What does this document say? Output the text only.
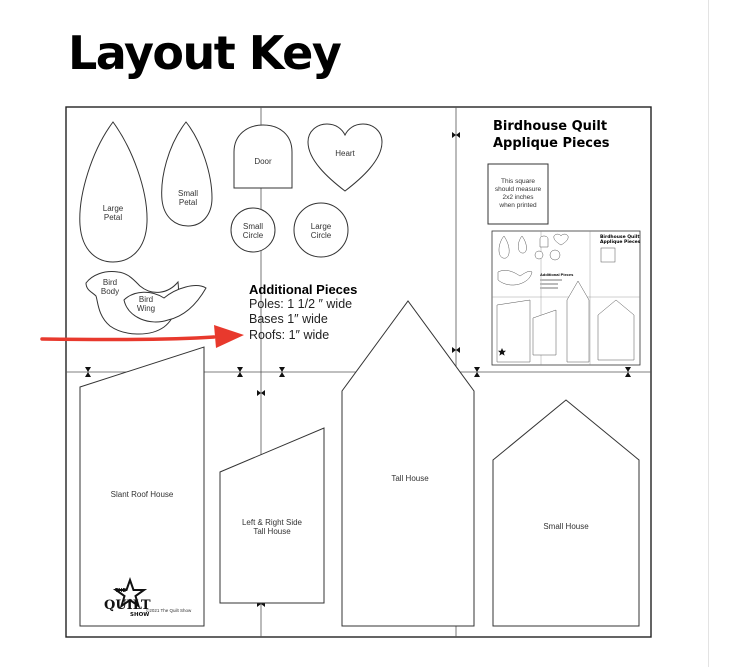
Layout Key
Large
Petal
Small
Petal
Door
Heart
Small
Circle
Large
Circle
Bird
Body
Bird
Wing
Additional Pieces
Poles: 1 1/2 ″ wide
Bases 1″ wide
Roofs: 1″ wide
Birdhouse Quilt
Applique Pieces
This square
should measure
2x2 inches
when printed
Birdhouse Quilt
Applique Pieces
Additional Pieces
Slant Roof House
THE
QUILT
SHOW
©2021 The Quilt Show
Left & Right Side
Tall House
Tall House
Small House
